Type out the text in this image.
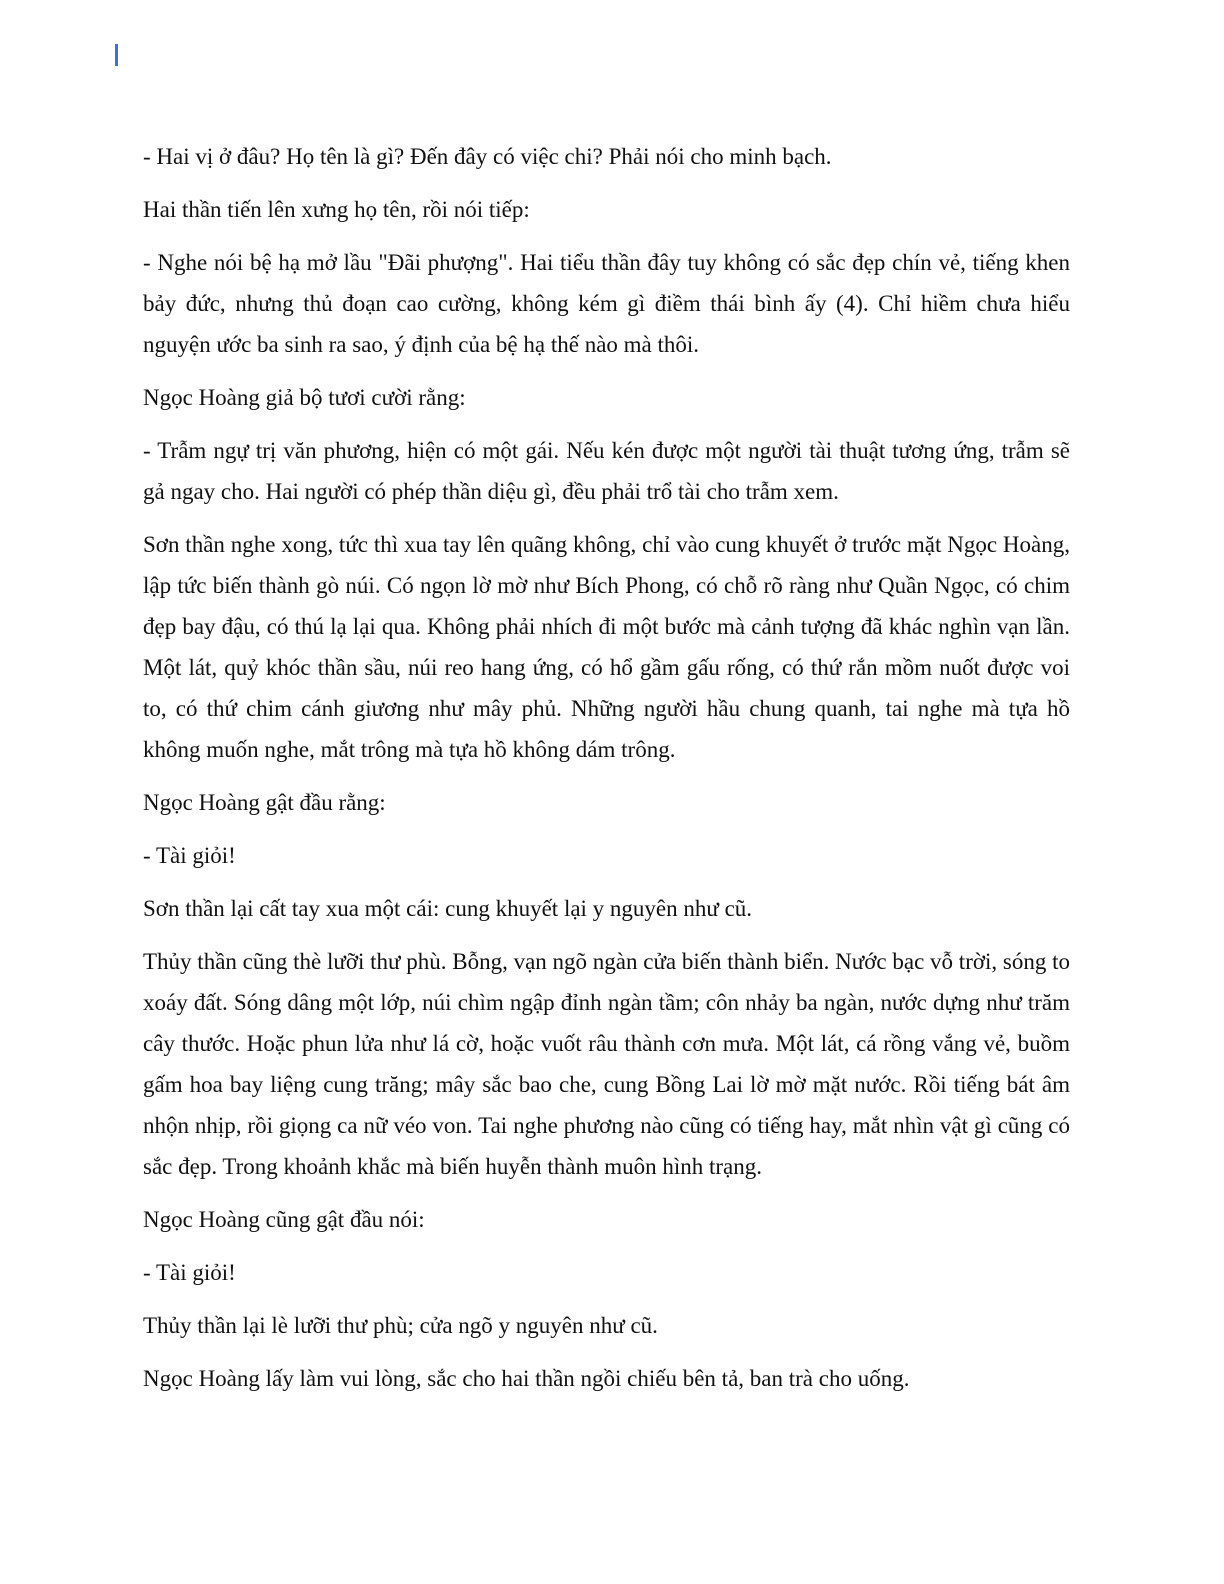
- Hai vị ở đâu? Họ tên là gì? Đến đây có việc chi? Phải nói cho minh bạch.

Hai thần tiến lên xưng họ tên, rồi nói tiếp:

- Nghe nói bệ hạ mở lầu "Đãi phượng". Hai tiểu thần đây tuy không có sắc đẹp chín vẻ, tiếng khen bảy đức, nhưng thủ đoạn cao cường, không kém gì điềm thái bình ấy (4). Chỉ hiềm chưa hiểu nguyện ước ba sinh ra sao, ý định của bệ hạ thế nào mà thôi.

Ngọc Hoàng giả bộ tươi cười rằng:

- Trẫm ngự trị văn phương, hiện có một gái. Nếu kén được một người tài thuật tương ứng, trẫm sẽ gả ngay cho. Hai người có phép thần diệu gì, đều phải trổ tài cho trẫm xem.

Sơn thần nghe xong, tức thì xua tay lên quãng không, chỉ vào cung khuyết ở trước mặt Ngọc Hoàng, lập tức biến thành gò núi. Có ngọn lờ mờ như Bích Phong, có chỗ rõ ràng như Quần Ngọc, có chim đẹp bay đậu, có thú lạ lại qua. Không phải nhích đi một bước mà cảnh tượng đã khác nghìn vạn lần. Một lát, quỷ khóc thần sầu, núi reo hang ứng, có hổ gầm gấu rống, có thứ rắn mồm nuốt được voi to, có thứ chim cánh giương như mây phủ. Những người hầu chung quanh, tai nghe mà tựa hồ không muốn nghe, mắt trông mà tựa hồ không dám trông.

Ngọc Hoàng gật đầu rằng:

- Tài giỏi!

Sơn thần lại cất tay xua một cái: cung khuyết lại y nguyên như cũ.

Thủy thần cũng thè lưỡi thư phù. Bỗng, vạn ngõ ngàn cửa biến thành biển. Nước bạc vỗ trời, sóng to xoáy đất. Sóng dâng một lớp, núi chìm ngập đỉnh ngàn tầm; côn nhảy ba ngàn, nước dựng như trăm cây thước. Hoặc phun lửa như lá cờ, hoặc vuốt râu thành cơn mưa. Một lát, cá rồng vắng vẻ, buồm gấm hoa bay liệng cung trăng; mây sắc bao che, cung Bồng Lai lờ mờ mặt nước. Rồi tiếng bát âm nhộn nhịp, rồi giọng ca nữ véo von. Tai nghe phương nào cũng có tiếng hay, mắt nhìn vật gì cũng có sắc đẹp. Trong khoảnh khắc mà biến huyễn thành muôn hình trạng.

Ngọc Hoàng cũng gật đầu nói:

- Tài giỏi!

Thủy thần lại lè lưỡi thư phù; cửa ngõ y nguyên như cũ.

Ngọc Hoàng lấy làm vui lòng, sắc cho hai thần ngồi chiếu bên tả, ban trà cho uống.
